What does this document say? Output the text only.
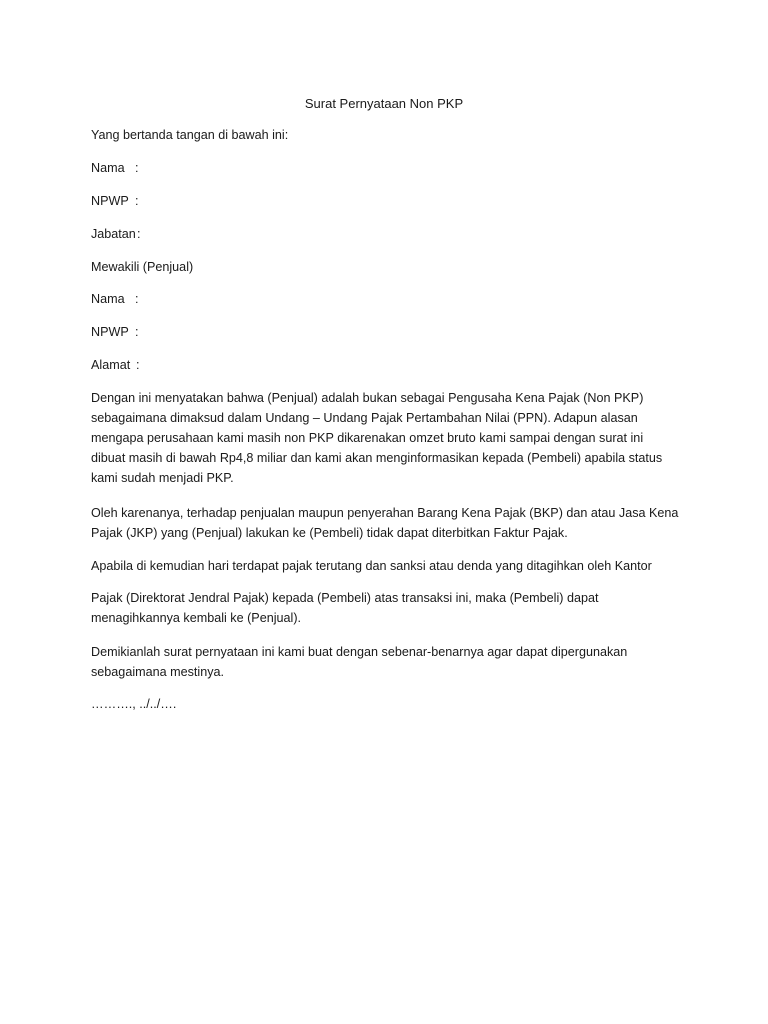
Surat Pernyataan Non PKP
Yang bertanda tangan di bawah ini:
Nama :
NPWP :
Jabatan:
Mewakili (Penjual)
Nama :
NPWP :
Alamat :
Dengan ini menyatakan bahwa (Penjual) adalah bukan sebagai Pengusaha Kena Pajak (Non PKP)
sebagaimana dimaksud dalam Undang – Undang Pajak Pertambahan Nilai (PPN). Adapun alasan
mengapa perusahaan kami masih non PKP dikarenakan omzet bruto kami sampai dengan surat ini
dibuat masih di bawah Rp4,8 miliar dan kami akan menginformasikan kepada (Pembeli) apabila status
kami sudah menjadi PKP.
Oleh karenanya, terhadap penjualan maupun penyerahan Barang Kena Pajak (BKP) dan atau Jasa Kena
Pajak (JKP) yang (Penjual) lakukan ke (Pembeli) tidak dapat diterbitkan Faktur Pajak.
Apabila di kemudian hari terdapat pajak terutang dan sanksi atau denda yang ditagihkan oleh Kantor
Pajak (Direktorat Jendral Pajak) kepada (Pembeli) atas transaksi ini, maka (Pembeli) dapat
menagihkannya kembali ke (Penjual).
Demikianlah surat pernyataan ini kami buat dengan sebenar-benarnya agar dapat dipergunakan
sebagaimana mestinya.
………., ../../….
